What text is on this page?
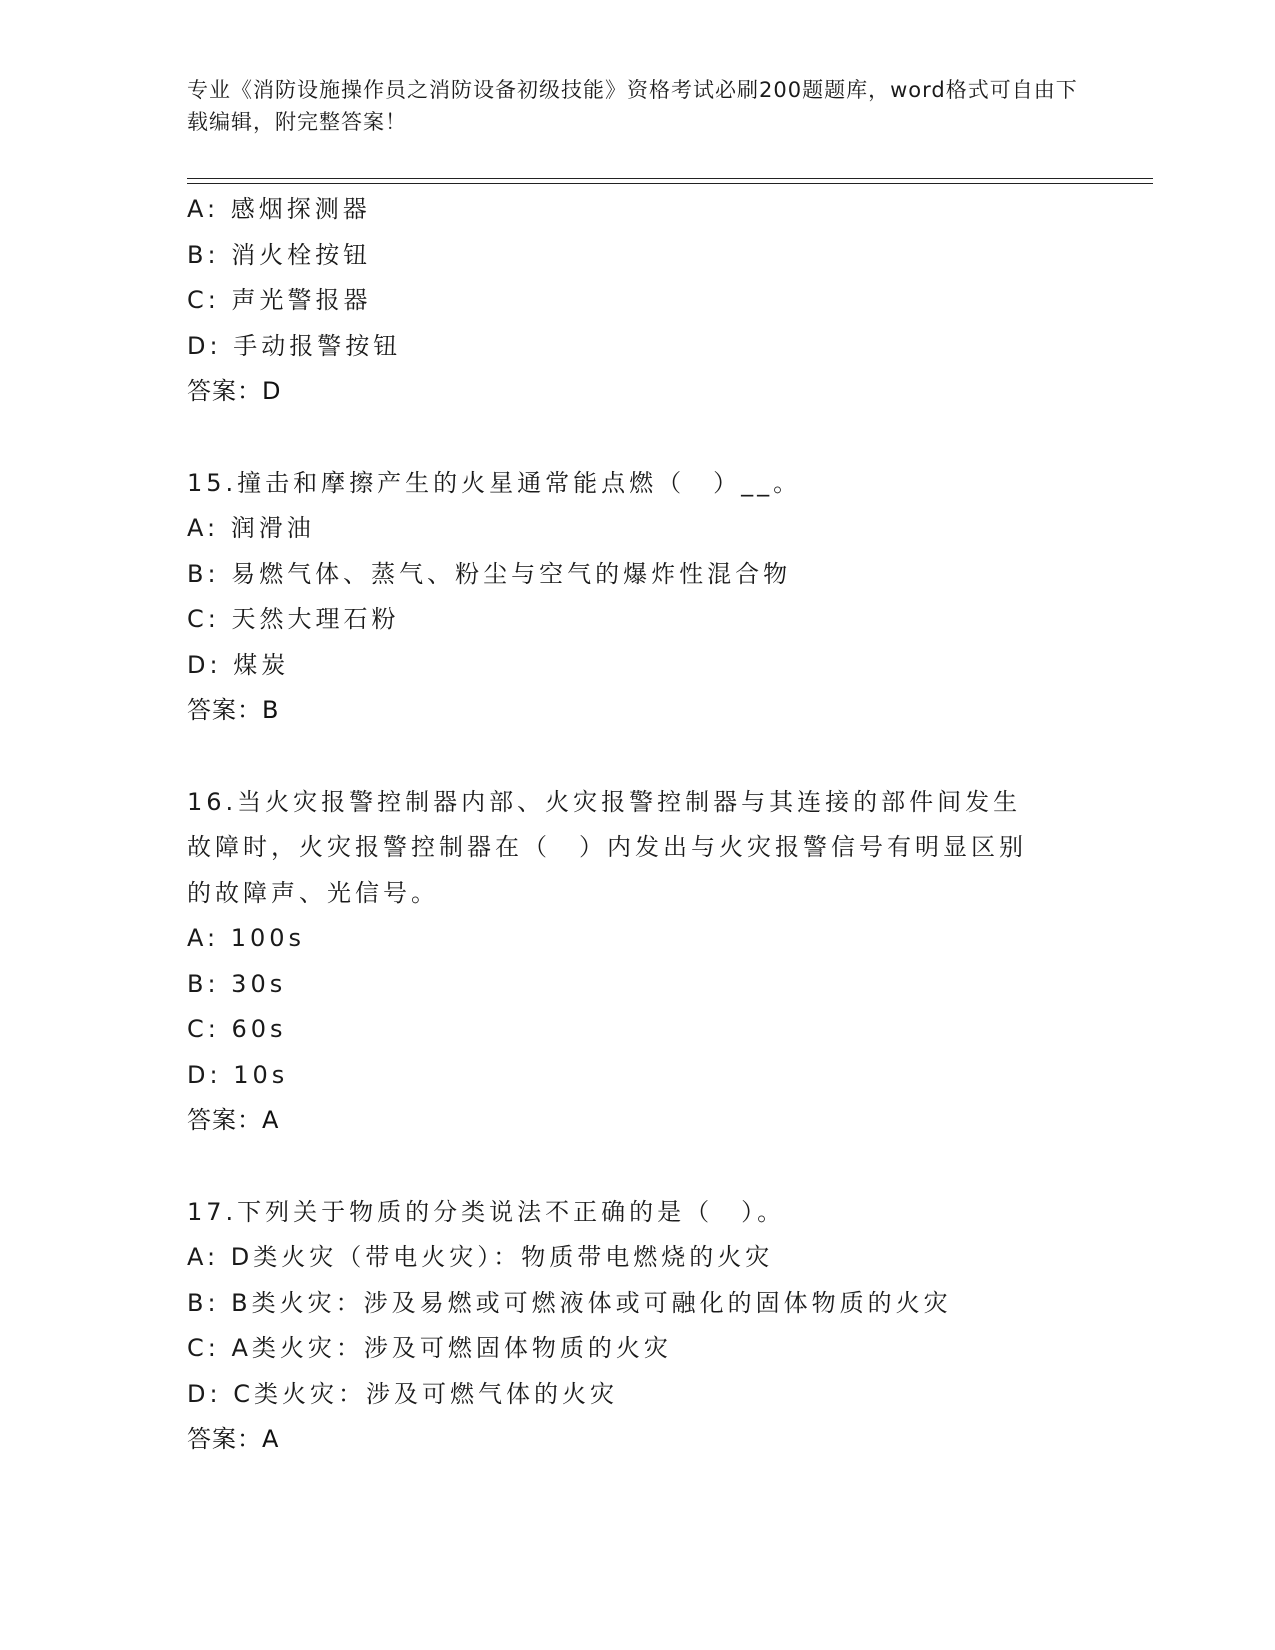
专业《消防设施操作员之消防设备初级技能》资格考试必刷200题题库，word格式可自由下载编辑，附完整答案！
A: 感烟探测器
B: 消火栓按钮
C: 声光警报器
D: 手动报警按钮
答案：D
15.撞击和摩擦产生的火星通常能点燃（　）__。
A: 润滑油
B: 易燃气体、蒸气、粉尘与空气的爆炸性混合物
C: 天然大理石粉
D: 煤炭
答案：B
16.当火灾报警控制器内部、火灾报警控制器与其连接的部件间发生故障时，火灾报警控制器在（　）内发出与火灾报警信号有明显区别的故障声、光信号。
A: 100s
B: 30s
C: 60s
D: 10s
答案：A
17.下列关于物质的分类说法不正确的是（　）。
A: D类火灾（带电火灾）：物质带电燃烧的火灾
B: B类火灾：涉及易燃或可燃液体或可融化的固体物质的火灾
C: A类火灾：涉及可燃固体物质的火灾
D: C类火灾：涉及可燃气体的火灾
答案：A
